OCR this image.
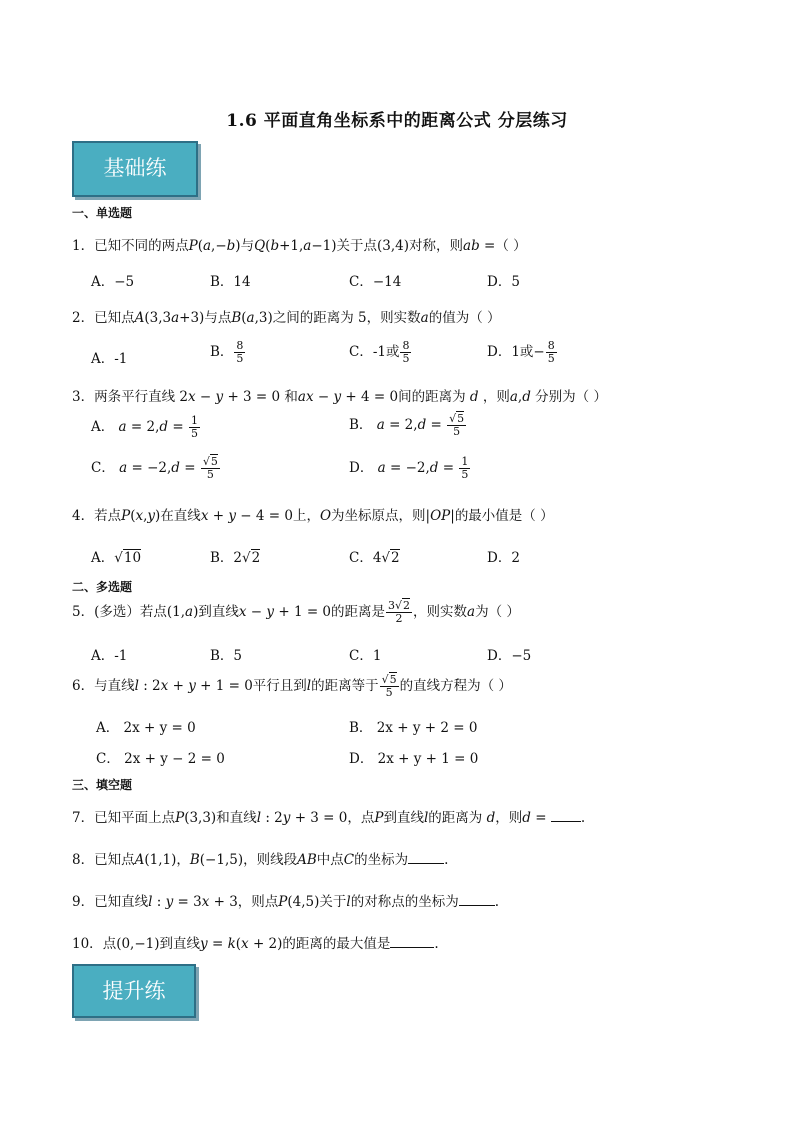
1.6 平面直角坐标系中的距离公式 分层练习
基础练
一、单选题
1．已知不同的两点P(a,−b)与Q(b+1,a−1)关于点(3,4)对称，则ab =（ ）
A．−5	B．14	C．−14	D．5
2．已知点A(3,3a+3)与点B(a,3)之间的距离为 5，则实数a的值为（ ）
A．-1	B． $\frac{8}{5}$	C．-1或 $\frac{8}{5}$	D．1或− $\frac{8}{5}$
3．两条平行直线 2x − y + 3 = 0 和ax − y + 4 = 0间的距离为 d ，则a,d 分别为（ ）
A． $a = 2,d = \frac{1}{5}$	B． $a = 2,d = \frac{√5}{5}$
C． $a = -2,d = \frac{√5}{5}$	D． $a = -2,d = \frac{1}{5}$
4．若点P(x,y)在直线x + y − 4 = 0上，O为坐标原点，则|OP|的最小值是（ ）
A．√10	B．2√2	C．4√2	D．2
二、多选题
5．(多选）若点(1,a)到直线x − y + 1 = 0的距离是 $\frac{3√2}{2}$ ，则实数a为（ ）
A．-1	B．5	C．1	D．−5
6．与直线l : 2x + y + 1 = 0平行且到l的距离等于 $\frac{√5}{5}$ 的直线方程为（ ）
A． 2x + y = 0	B． 2x + y + 2 = 0
C． 2x + y − 2 = 0	D． 2x + y + 1 = 0
三、填空题
7．已知平面上点P(3,3)和直线l : 2y + 3 = 0，点P到直线l的距离为 d，则d = .
8．已知点A(1,1)，B(−1,5)，则线段AB中点C的坐标为	.
9．已知直线l : y = 3x + 3，则点P(4,5)关于l的对称点的坐标为	.
10．点(0,−1)到直线y = k(x + 2)的距离的最大值是	.
提升练
